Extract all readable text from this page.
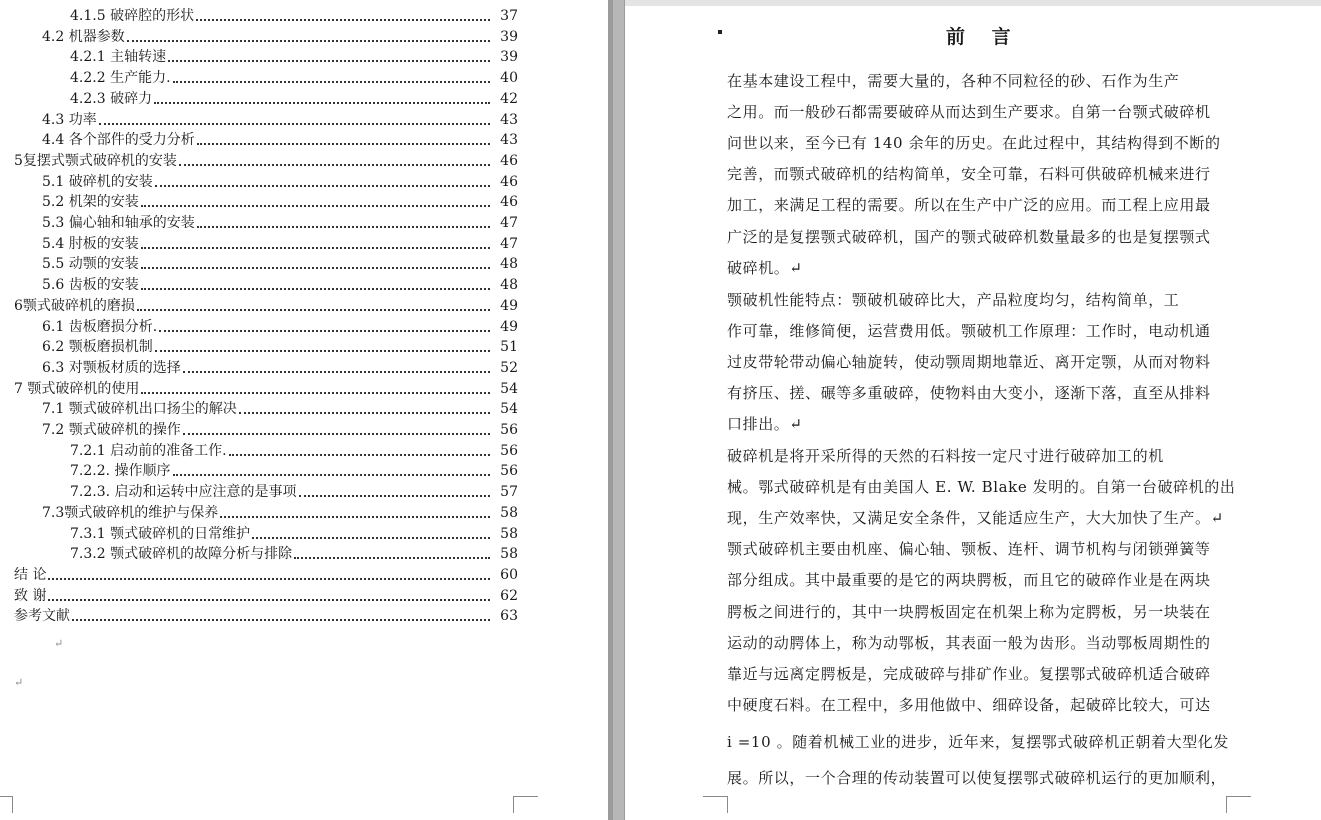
4.1.5 破碎腔的形状	37
4.2 机器参数	39
4.2.1 主轴转速	39
4.2.2 生产能力.	40
4.2.3 破碎力	42
4.3 功率	43
4.4 各个部件的受力分析	43
5复摆式颚式破碎机的安装	46
5.1 破碎机的安装	46
5.2 机架的安装	46
5.3 偏心轴和轴承的安装	47
5.4 肘板的安装	47
5.5 动颚的安装	48
5.6 齿板的安装	48
6颚式破碎机的磨损	49
6.1 齿板磨损分析.	49
6.2 颚板磨损机制	51
6.3 对颚板材质的选择	52
7 颚式破碎机的使用	54
7.1 颚式破碎机出口扬尘的解决	54
7.2 颚式破碎机的操作	56
7.2.1 启动前的准备工作.	56
7.2.2. 操作顺序	56
7.2.3. 启动和运转中应注意的是事项	57
7.3颚式破碎机的维护与保养	58
7.3.1 颚式破碎机的日常维护	58
7.3.2 颚式破碎机的故障分析与排除	58
结 论	60
致 谢	62
参考文献	63
前 言
在基本建设工程中，需要大量的，各种不同粒径的砂、石作为生产
之用。而一般砂石都需要破碎从而达到生产要求。自第一台颚式破碎机
问世以来，至今已有 140 余年的历史。在此过程中，其结构得到不断的
完善，而颚式破碎机的结构简单，安全可靠，石料可供破碎机械来进行
加工，来满足工程的需要。所以在生产中广泛的应用。而工程上应用最
广泛的是复摆颚式破碎机，国产的颚式破碎机数量最多的也是复摆颚式
破碎机。↵
颚破机性能特点：颚破机破碎比大，产品粒度均匀，结构简单，工
作可靠，维修简便，运营费用低。颚破机工作原理：工作时，电动机通
过皮带轮带动偏心轴旋转，使动颚周期地靠近、离开定颚，从而对物料
有挤压、搓、碾等多重破碎，使物料由大变小，逐渐下落，直至从排料
口排出。↵
破碎机是将开采所得的天然的石料按一定尺寸进行破碎加工的机
械。鄂式破碎机是有由美国人 E. W. Blake 发明的。自第一台破碎机的出
现，生产效率快，又满足安全条件，又能适应生产，大大加快了生产。↵
颚式破碎机主要由机座、偏心轴、颚板、连杆、调节机构与闭锁弹簧等
部分组成。其中最重要的是它的两块腭板，而且它的破碎作业是在两块
腭板之间进行的，其中一块腭板固定在机架上称为定腭板，另一块装在
运动的动腭体上，称为动鄂板，其表面一般为齿形。当动鄂板周期性的
靠近与远离定腭板是，完成破碎与排矿作业。复摆鄂式破碎机适合破碎
中硬度石料。在工程中，多用他做中、细碎设备，起破碎比较大，可达
i =10 。随着机械工业的进步，近年来，复摆鄂式破碎机正朝着大型化发
展。所以，一个合理的传动装置可以使复摆鄂式破碎机运行的更加顺利，
↵
↵
